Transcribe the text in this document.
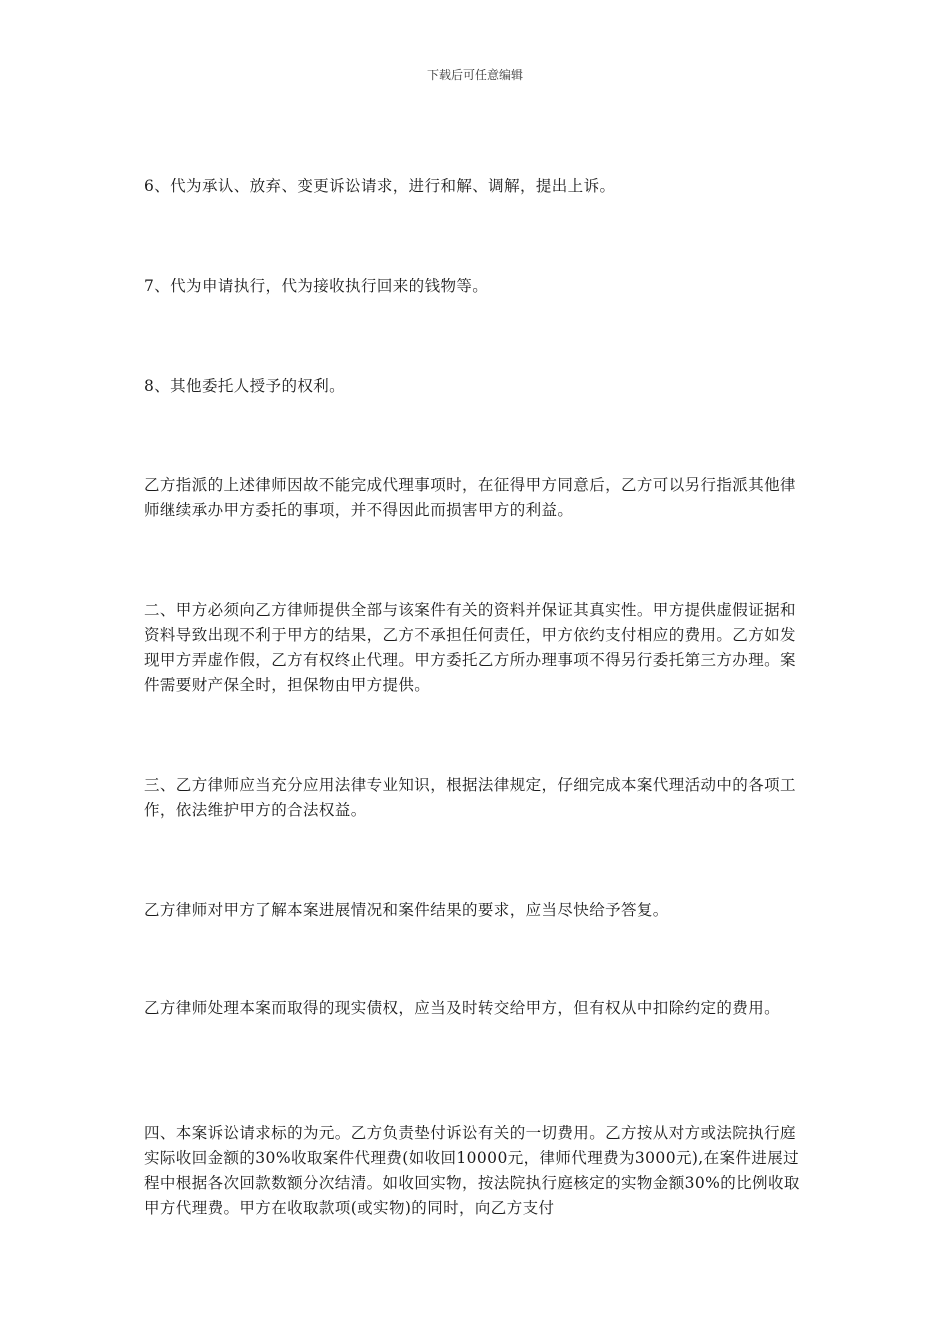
下载后可任意编辑

6、代为承认、放弃、变更诉讼请求，进行和解、调解，提出上诉。

7、代为申请执行，代为接收执行回来的钱物等。

8、其他委托人授予的权利。

乙方指派的上述律师因故不能完成代理事项时，在征得甲方同意后，乙方可以另行指派其他律师继续承办甲方委托的事项，并不得因此而损害甲方的利益。

二、甲方必须向乙方律师提供全部与该案件有关的资料并保证其真实性。甲方提供虚假证据和资料导致出现不利于甲方的结果，乙方不承担任何责任，甲方依约支付相应的费用。乙方如发现甲方弄虚作假，乙方有权终止代理。甲方委托乙方所办理事项不得另行委托第三方办理。案件需要财产保全时，担保物由甲方提供。

三、乙方律师应当充分应用法律专业知识，根据法律规定，仔细完成本案代理活动中的各项工作，依法维护甲方的合法权益。

乙方律师对甲方了解本案进展情况和案件结果的要求，应当尽快给予答复。

乙方律师处理本案而取得的现实债权，应当及时转交给甲方，但有权从中扣除约定的费用。

四、本案诉讼请求标的为元。乙方负责垫付诉讼有关的一切费用。乙方按从对方或法院执行庭实际收回金额的30%收取案件代理费(如收回10000元，律师代理费为3000元),在案件进展过程中根据各次回款数额分次结清。如收回实物，按法院执行庭核定的实物金额30%的比例收取甲方代理费。甲方在收取款项(或实物)的同时，向乙方支付
